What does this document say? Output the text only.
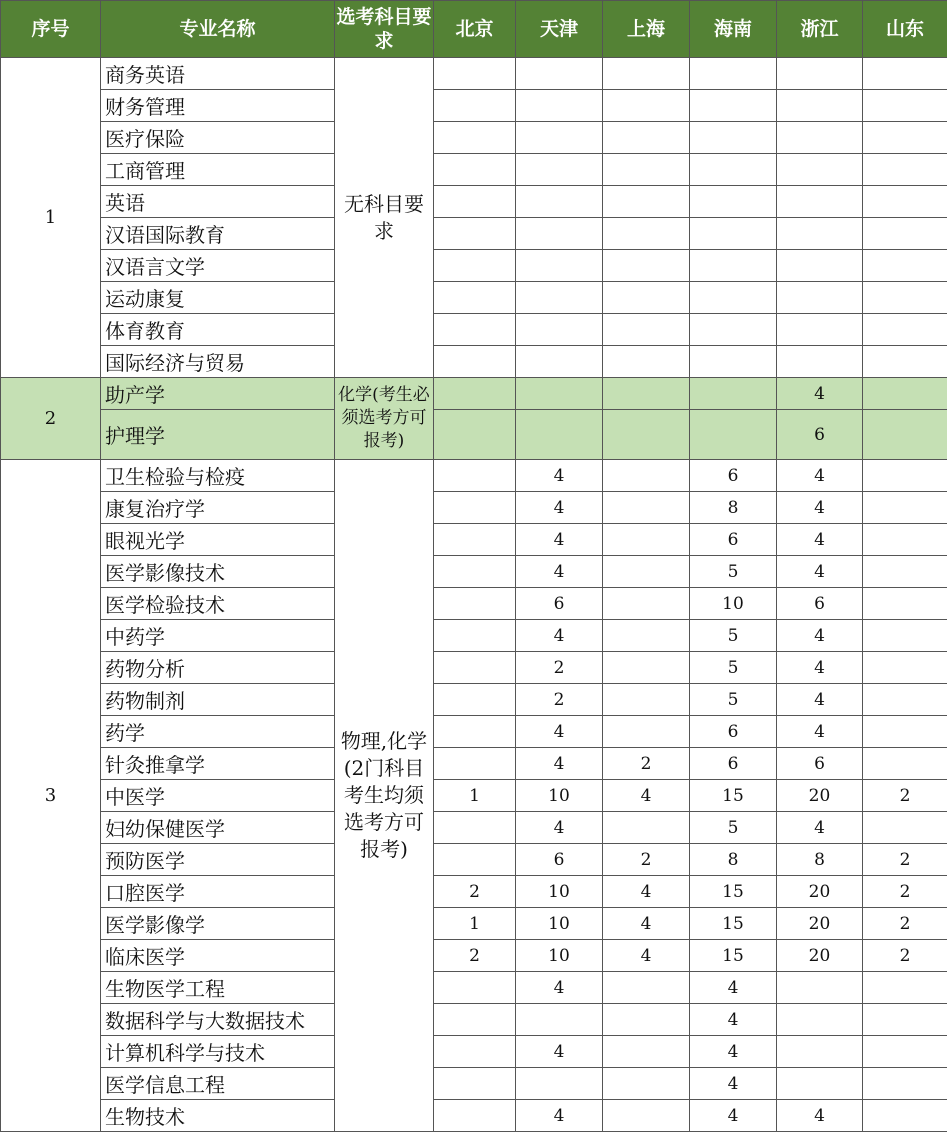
序号	专业名称	选考科目要求	北京	天津	上海	海南	浙江	山东
1	商务英语	无科目要求						
	财务管理							
	医疗保险							
	工商管理							
	英语							
	汉语国际教育							
	汉语言文学							
	运动康复							
	体育教育							
	国际经济与贸易							
2	助产学	化学(考生必须选考方可报考)					4	
	护理学						6	
3	卫生检验与检疫	物理,化学(2门科目考生均须选考方可报考)		4		6	4	
	康复治疗学			4		8	4	
	眼视光学			4		6	4	
	医学影像技术			4		5	4	
	医学检验技术			6		10	6	
	中药学			4		5	4	
	药物分析			2		5	4	
	药物制剂			2		5	4	
	药学			4		6	4	
	针灸推拿学			4	2	6	6	
	中医学		1	10	4	15	20	2
	妇幼保健医学			4		5	4	
	预防医学			6	2	8	8	2
	口腔医学		2	10	4	15	20	2
	医学影像学		1	10	4	15	20	2
	临床医学		2	10	4	15	20	2
	生物医学工程			4		4		
	数据科学与大数据技术					4		
	计算机科学与技术			4		4		
	医学信息工程					4		
	生物技术			4		4	4	
